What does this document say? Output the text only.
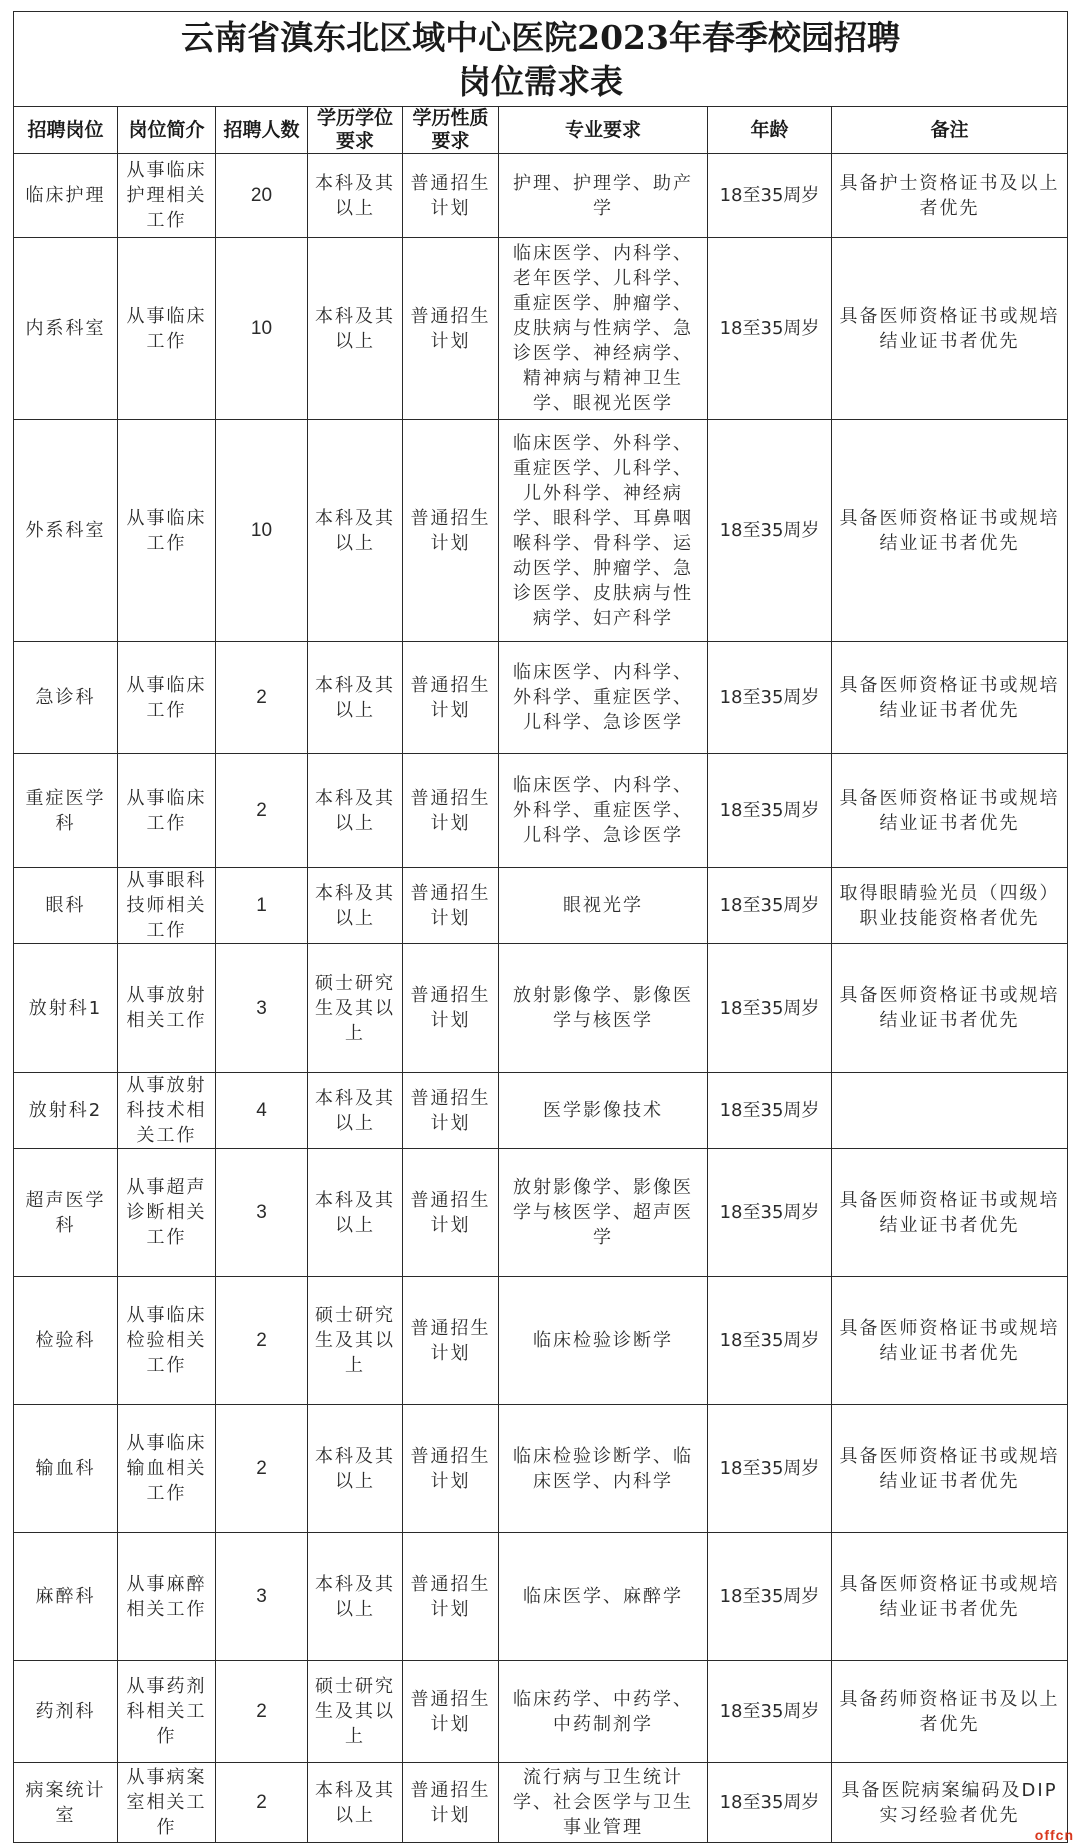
云南省滇东北区域中心医院2023年春季校园招聘
岗位需求表							

招聘岗位	岗位简介	招聘人数	学历学位要求	学历性质要求	专业要求	年龄	备注
临床护理	从事临床护理相关工作	20	本科及其以上	普通招生计划	护理、护理学、助产学	18至35周岁	具备护士资格证书及以上者优先
内系科室	从事临床工作	10	本科及其以上	普通招生计划	临床医学、内科学、老年医学、儿科学、重症医学、肿瘤学、皮肤病与性病学、急诊医学、神经病学、精神病与精神卫生学、眼视光医学	18至35周岁	具备医师资格证书或规培结业证书者优先
外系科室	从事临床工作	10	本科及其以上	普通招生计划	临床医学、外科学、重症医学、儿科学、儿外科学、神经病学、眼科学、耳鼻咽喉科学、骨科学、运动医学、肿瘤学、急诊医学、皮肤病与性病学、妇产科学	18至35周岁	具备医师资格证书或规培结业证书者优先
急诊科	从事临床工作	2	本科及其以上	普通招生计划	临床医学、内科学、外科学、重症医学、儿科学、急诊医学	18至35周岁	具备医师资格证书或规培结业证书者优先
重症医学科	从事临床工作	2	本科及其以上	普通招生计划	临床医学、内科学、外科学、重症医学、儿科学、急诊医学	18至35周岁	具备医师资格证书或规培结业证书者优先
眼科	从事眼科技师相关工作	1	本科及其以上	普通招生计划	眼视光学	18至35周岁	取得眼睛验光员（四级）职业技能资格者优先
放射科1	从事放射相关工作	3	硕士研究生及其以上	普通招生计划	放射影像学、影像医学与核医学	18至35周岁	具备医师资格证书或规培结业证书者优先
放射科2	从事放射科技术相关工作	4	本科及其以上	普通招生计划	医学影像技术	18至35周岁	
超声医学科	从事超声诊断相关工作	3	本科及其以上	普通招生计划	放射影像学、影像医学与核医学、超声医学	18至35周岁	具备医师资格证书或规培结业证书者优先
检验科	从事临床检验相关工作	2	硕士研究生及其以上	普通招生计划	临床检验诊断学	18至35周岁	具备医师资格证书或规培结业证书者优先
输血科	从事临床输血相关工作	2	本科及其以上	普通招生计划	临床检验诊断学、临床医学、内科学	18至35周岁	具备医师资格证书或规培结业证书者优先
麻醉科	从事麻醉相关工作	3	本科及其以上	普通招生计划	临床医学、麻醉学	18至35周岁	具备医师资格证书或规培结业证书者优先
药剂科	从事药剂科相关工作	2	硕士研究生及其以上	普通招生计划	临床药学、中药学、中药制剂学	18至35周岁	具备药师资格证书及以上者优先
病案统计室	从事病案室相关工作	2	本科及其以上	普通招生计划	流行病与卫生统计学、社会医学与卫生事业管理	18至35周岁	具备医院病案编码及DIP实习经验者优先
offcn
